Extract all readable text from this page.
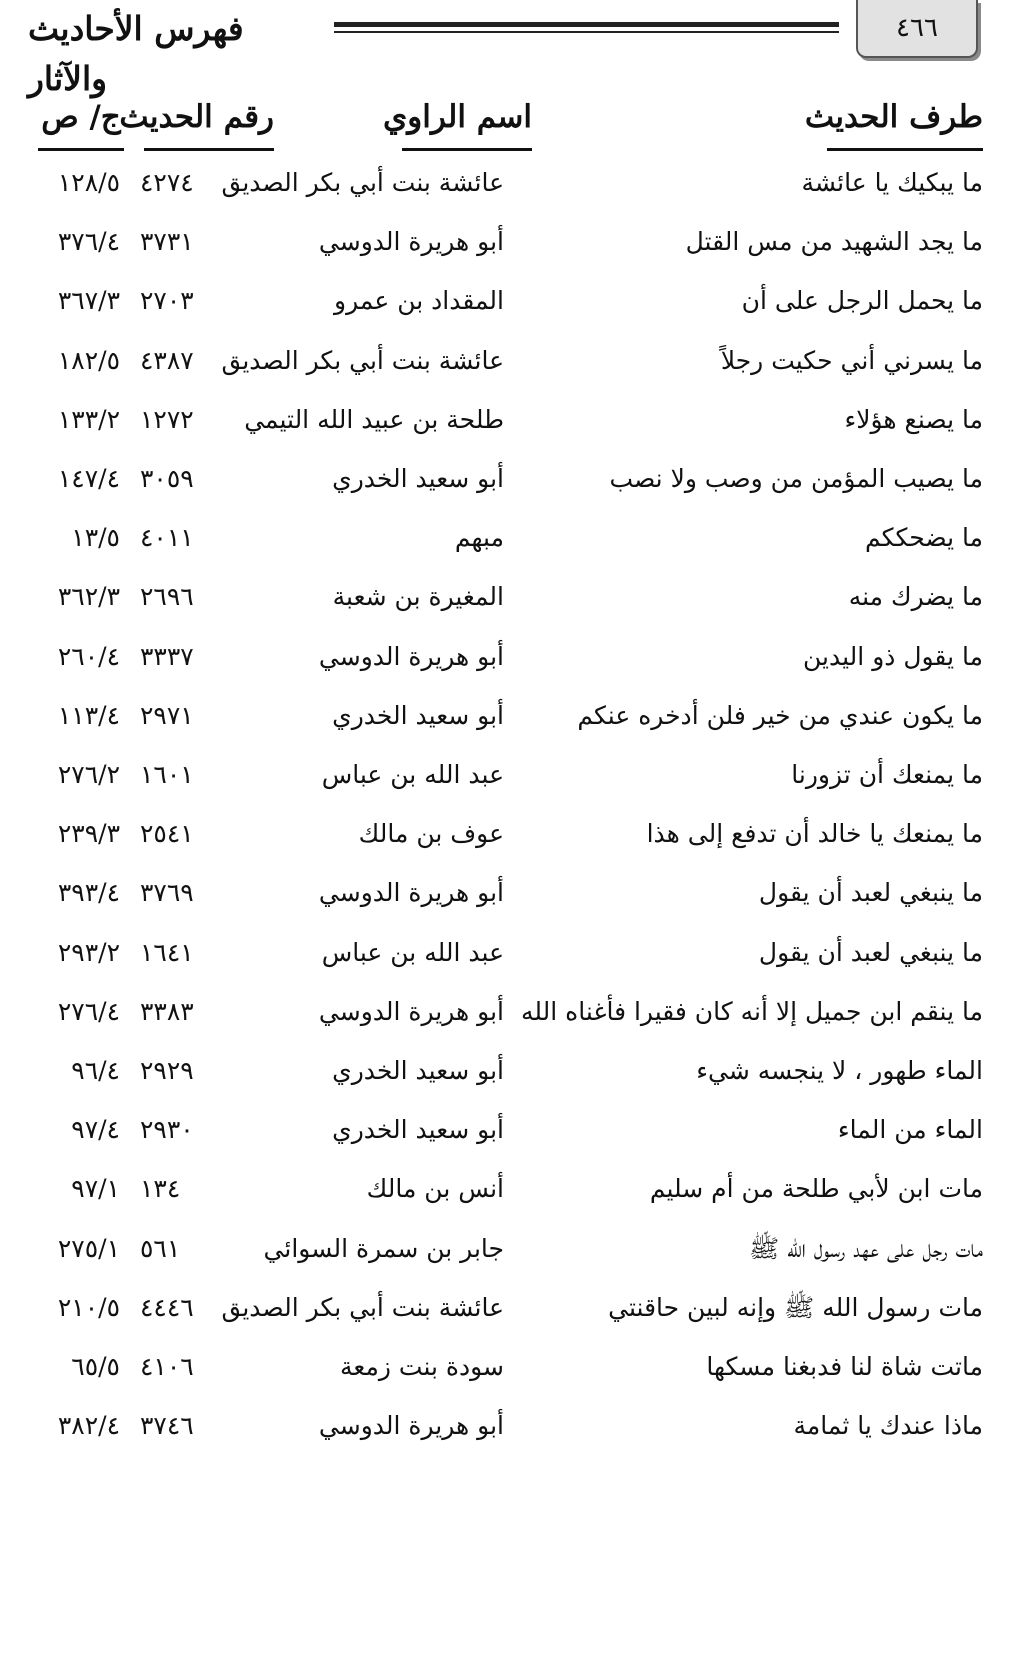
٤٦٦
فهرس الأحاديث والآثار
طرف الحديث
اسم الراوي
رقم الحديث
ج/ ص
ما يبكيك يا عائشة
عائشة بنت أبي بكر الصديق
٤٢٧٤
١٢٨/٥
ما يجد الشهيد من مس القتل
أبو هريرة الدوسي
٣٧٣١
٣٧٦/٤
ما يحمل الرجل على أن
المقداد بن عمرو
٢٧٠٣
٣٦٧/٣
ما يسرني أني حكيت رجلاً
عائشة بنت أبي بكر الصديق
٤٣٨٧
١٨٢/٥
ما يصنع هؤلاء
طلحة بن عبيد الله التيمي
١٢٧٢
١٣٣/٢
ما يصيب المؤمن من وصب ولا نصب
أبو سعيد الخدري
٣٠٥٩
١٤٧/٤
ما يضحككم
مبهم
٤٠١١
١٣/٥
ما يضرك منه
المغيرة بن شعبة
٢٦٩٦
٣٦٢/٣
ما يقول ذو اليدين
أبو هريرة الدوسي
٣٣٣٧
٢٦٠/٤
ما يكون عندي من خير فلن أدخره عنكم
أبو سعيد الخدري
٢٩٧١
١١٣/٤
ما يمنعك أن تزورنا
عبد الله بن عباس
١٦٠١
٢٧٦/٢
ما يمنعك يا خالد أن تدفع إلى هذا
عوف بن مالك
٢٥٤١
٢٣٩/٣
ما ينبغي لعبد أن يقول
أبو هريرة الدوسي
٣٧٦٩
٣٩٣/٤
ما ينبغي لعبد أن يقول
عبد الله بن عباس
١٦٤١
٢٩٣/٢
ما ينقم ابن جميل إلا أنه كان فقيرا فأغناه الله
أبو هريرة الدوسي
٣٣٨٣
٢٧٦/٤
الماء طهور ، لا ينجسه شيء
أبو سعيد الخدري
٢٩٢٩
٩٦/٤
الماء من الماء
أبو سعيد الخدري
٢٩٣٠
٩٧/٤
مات ابن لأبي طلحة من أم سليم
أنس بن مالك
١٣٤
٩٧/١
مات رجل على عهد رسول الله ﷺ
جابر بن سمرة السوائي
٥٦١
٢٧٥/١
مات رسول الله ﷺ وإنه لبين حاقنتي
عائشة بنت أبي بكر الصديق
٤٤٤٦
٢١٠/٥
ماتت شاة لنا فدبغنا مسكها
سودة بنت زمعة
٤١٠٦
٦٥/٥
ماذا عندك يا ثمامة
أبو هريرة الدوسي
٣٧٤٦
٣٨٢/٤
